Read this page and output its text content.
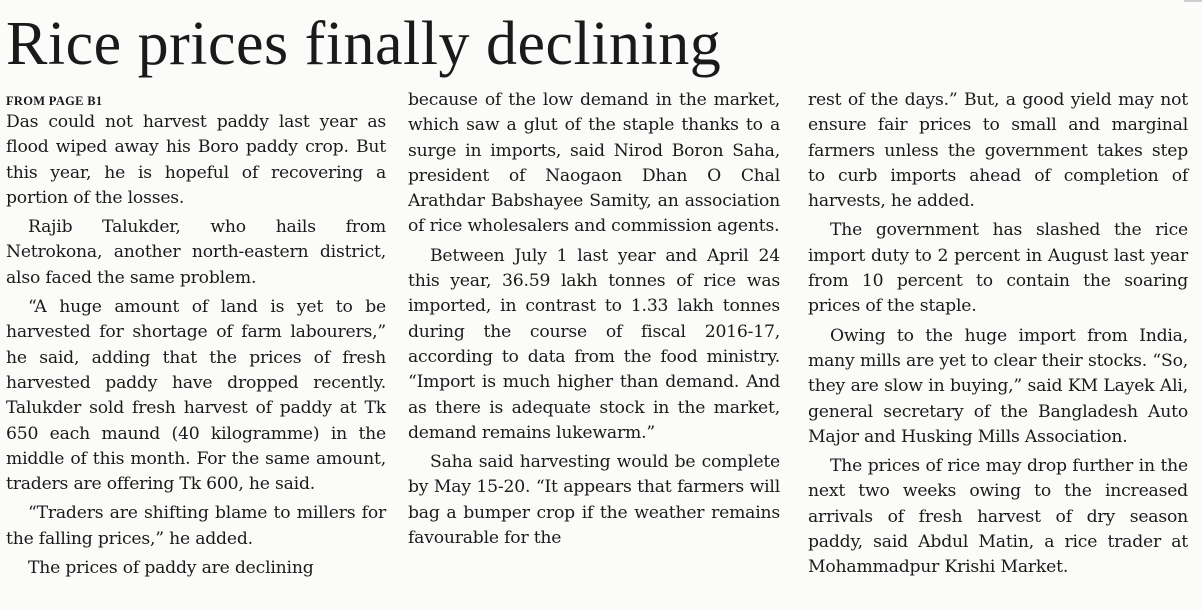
Rice prices finally declining
FROM PAGE B1

Das could not harvest paddy last year as flood wiped away his Boro paddy crop. But this year, he is hopeful of recovering a portion of the losses.

Rajib Talukder, who hails from Netrokona, another north-eastern district, also faced the same problem.

“A huge amount of land is yet to be harvested for shortage of farm labourers,” he said, adding that the prices of fresh harvested paddy have dropped recently. Talukder sold fresh harvest of paddy at Tk 650 each maund (40 kilogramme) in the middle of this month. For the same amount, traders are offering Tk 600, he said.

“Traders are shifting blame to millers for the falling prices,” he added.

The prices of paddy are declining

because of the low demand in the market, which saw a glut of the staple thanks to a surge in imports, said Nirod Boron Saha, president of Naogaon Dhan O Chal Arathdar Babshayee Samity, an association of rice wholesalers and commission agents.

Between July 1 last year and April 24 this year, 36.59 lakh tonnes of rice was imported, in contrast to 1.33 lakh tonnes during the course of fiscal 2016-17, according to data from the food ministry. “Import is much higher than demand. And as there is adequate stock in the market, demand remains lukewarm.”

Saha said harvesting would be complete by May 15-20. “It appears that farmers will bag a bumper crop if the weather remains favourable for the

rest of the days.” But, a good yield may not ensure fair prices to small and marginal farmers unless the government takes step to curb imports ahead of completion of harvests, he added.

The government has slashed the rice import duty to 2 percent in August last year from 10 percent to contain the soaring prices of the staple.

Owing to the huge import from India, many mills are yet to clear their stocks. “So, they are slow in buying,” said KM Layek Ali, general secretary of the Bangladesh Auto Major and Husking Mills Association.

The prices of rice may drop further in the next two weeks owing to the increased arrivals of fresh harvest of dry season paddy, said Abdul Matin, a rice trader at Mohammadpur Krishi Market.
